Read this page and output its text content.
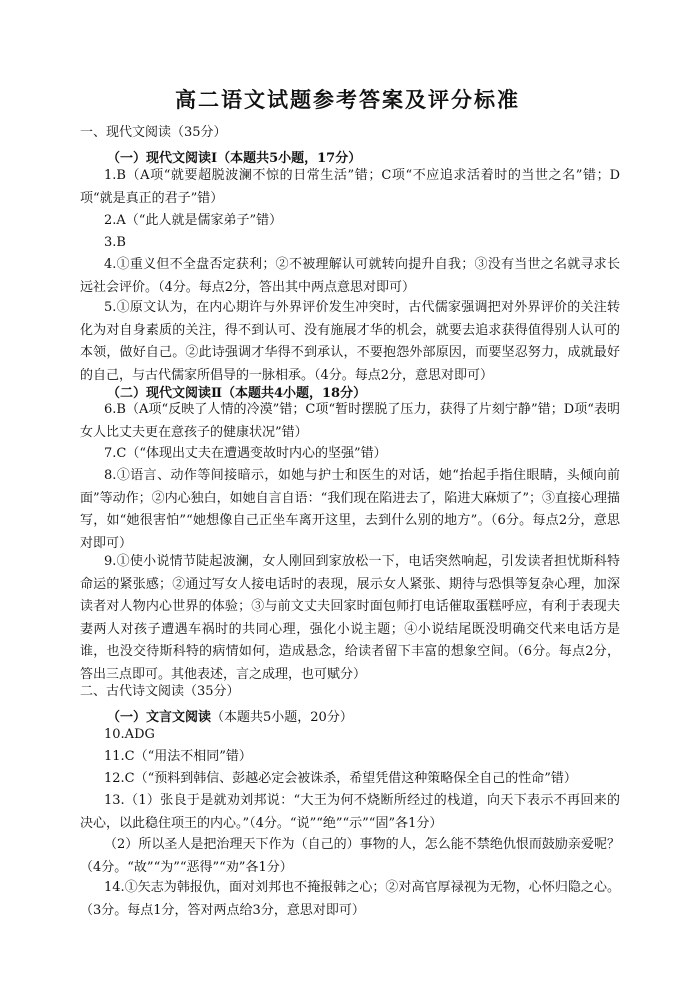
高二语文试题参考答案及评分标准
一、现代文阅读（35分）
（一）现代文阅读Ⅰ（本题共5小题，17分）
1.B（A项“就要超脱波澜不惊的日常生活”错；C项“不应追求活着时的当世之名”错；D项“就是真正的君子”错）
2.A（“此人就是儒家弟子”错）
3.B
4.①重义但不全盘否定获利；②不被理解认可就转向提升自我；③没有当世之名就寻求长远社会评价。（4分。每点2分，答出其中两点意思对即可）
5.①原文认为，在内心期许与外界评价发生冲突时，古代儒家强调把对外界评价的关注转化为对自身素质的关注，得不到认可、没有施展才华的机会，就要去追求获得值得别人认可的本领，做好自己。②此诗强调才华得不到承认，不要抱怨外部原因，而要坚忍努力，成就最好的自己，与古代儒家所倡导的一脉相承。（4分。每点2分，意思对即可）
（二）现代文阅读Ⅱ（本题共4小题，18分）
6.B（A项“反映了人情的冷漠”错；C项“暂时摆脱了压力，获得了片刻宁静”错；D项“表明女人比丈夫更在意孩子的健康状况”错）
7.C（“体现出丈夫在遭遇变故时内心的坚强”错）
8.①语言、动作等间接暗示，如她与护士和医生的对话，她“抬起手指住眼睛，头倾向前面”等动作；②内心独白，如她自言自语：“我们现在陷进去了，陷进大麻烦了”；③直接心理描写，如“她很害怕”“她想像自己正坐车离开这里，去到什么别的地方”。（6分。每点2分，意思对即可）
9.①使小说情节陡起波澜，女人刚回到家放松一下，电话突然响起，引发读者担忧斯科特命运的紧张感；②通过写女人接电话时的表现，展示女人紧张、期待与恐惧等复杂心理，加深读者对人物内心世界的体验；③与前文丈夫回家时面包师打电话催取蛋糕呼应，有利于表现夫妻两人对孩子遭遇车祸时的共同心理，强化小说主题；④小说结尾既没明确交代来电话方是谁，也没交待斯科特的病情如何，造成悬念，给读者留下丰富的想象空间。（6分。每点2分，答出三点即可。其他表述，言之成理，也可赋分）
二、古代诗文阅读（35分）
（一）文言文阅读（本题共5小题，20分）
10.ADG
11.C（“用法不相同”错）
12.C（“预料到韩信、彭越必定会被诛杀，希望凭借这种策略保全自己的性命”错）
13.（1）张良于是就劝刘邦说：“大王为何不烧断所经过的栈道，向天下表示不再回来的决心，以此稳住项王的内心。”（4分。“说”“绝”“示”“固”各1分）
（2）所以圣人是把治理天下作为（自己的）事物的人，怎么能不禁绝仇恨而鼓励亲爱呢？（4分。“故”“为”“恶得”“劝”各1分）
14.①矢志为韩报仇，面对刘邦也不掩报韩之心；②对高官厚禄视为无物，心怀归隐之心。（3分。每点1分，答对两点给3分，意思对即可）
